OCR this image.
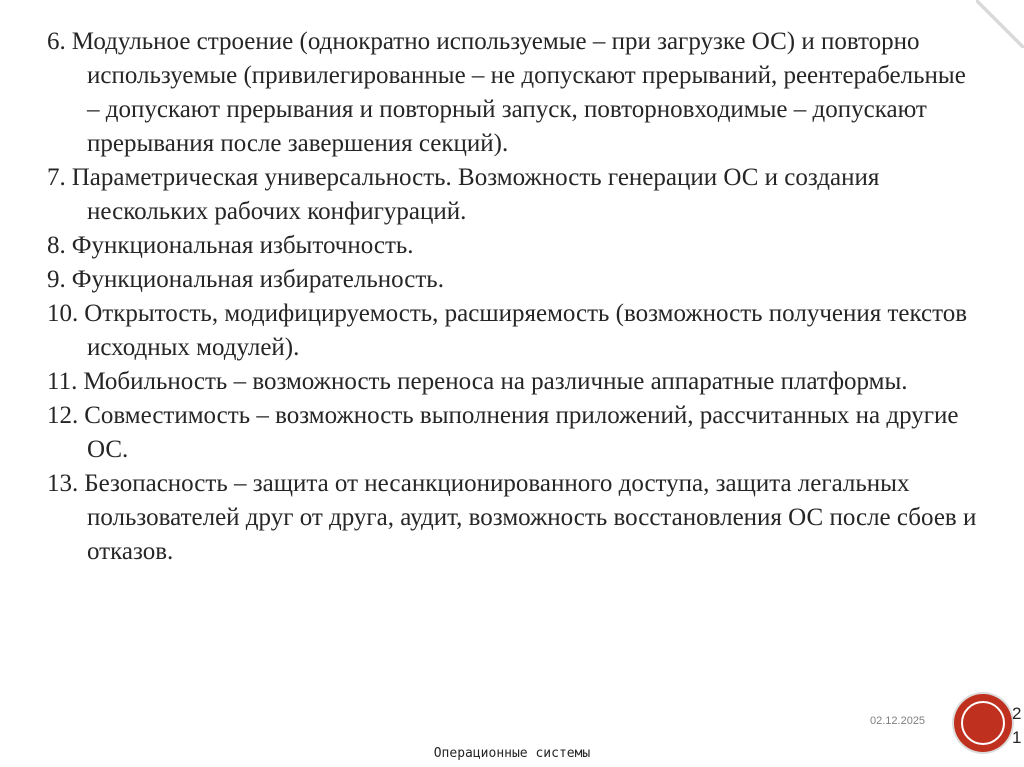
6. Модульное строение (однократно используемые – при загрузке ОС) и повторно используемые (привилегированные – не допускают прерываний, реентерабельные – допускают прерывания и повторный запуск, повторновходимые – допускают прерывания после завершения секций).

7. Параметрическая универсальность. Возможность генерации ОС и создания нескольких рабочих конфигураций.

8. Функциональная избыточность.

9. Функциональная избирательность.

10. Открытость, модифицируемость, расширяемость (возможность получения текстов исходных модулей).

11. Мобильность – возможность переноса на различные аппаратные платформы.

12. Совместимость – возможность выполнения приложений, рассчитанных на другие ОС.

13. Безопасность – защита от несанкционированного доступа, защита легальных пользователей друг от друга, аудит, возможность восстановления ОС после сбоев и отказов.

02.12.2025	2
1
Операционные системы
